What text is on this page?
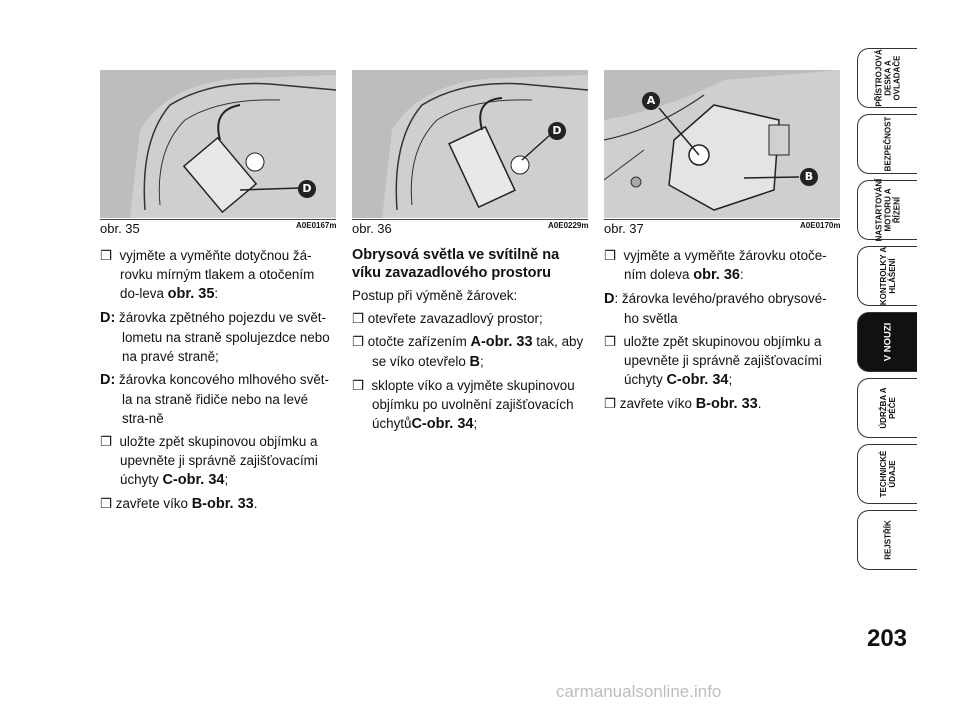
D
obr. 35	A0E0167m
D
obr. 36	A0E0229m
A
B
obr. 37	A0E0170m

❐ vyjměte a vyměňte dotyčnou žá-rovku mírným tlakem a otočením do-leva obr. 35:

D: žárovka zpětného pojezdu ve svět-lometu na straně spolujezdce nebo na pravé straně;

D: žárovka koncového mlhového svět-la na straně řidiče nebo na levé stra-ně

❐ uložte zpět skupinovou objímku a upevněte ji správně zajišťovacími úchyty C-obr. 34;

❐ zavřete víko B-obr. 33.

Obrysová světla ve svítilně na víku zavazadlového prostoru

Postup při výměně žárovek:

❐ otevřete zavazadlový prostor;

❐ otočte zařízením A-obr. 33 tak, aby se víko otevřelo B;

❐ sklopte víko a vyjměte skupinovou objímku po uvolnění zajišťovacích úchytůC-obr. 34;

❐ vyjměte a vyměňte žárovku otoče-ním doleva obr. 36:

D: žárovka levého/pravého obrysové-ho světla

❐ uložte zpět skupinovou objímku a upevněte ji správně zajišťovacími úchyty C-obr. 34;

❐ zavřete víko B-obr. 33.

PŘÍSTROJOVÁ
DESKA A
OVLADAČE
BEZPEČNOST
NASTARTOVÁNÍ
MOTORU A
ŘÍZENÍ
KONTROLKY A
HLÁŠENÍ
V NOUZI
ÚDRŽBA A
PÉČE
TECHNICKÉ
ÚDAJE
REJSTŘÍK
203
carmanualsonline.info
